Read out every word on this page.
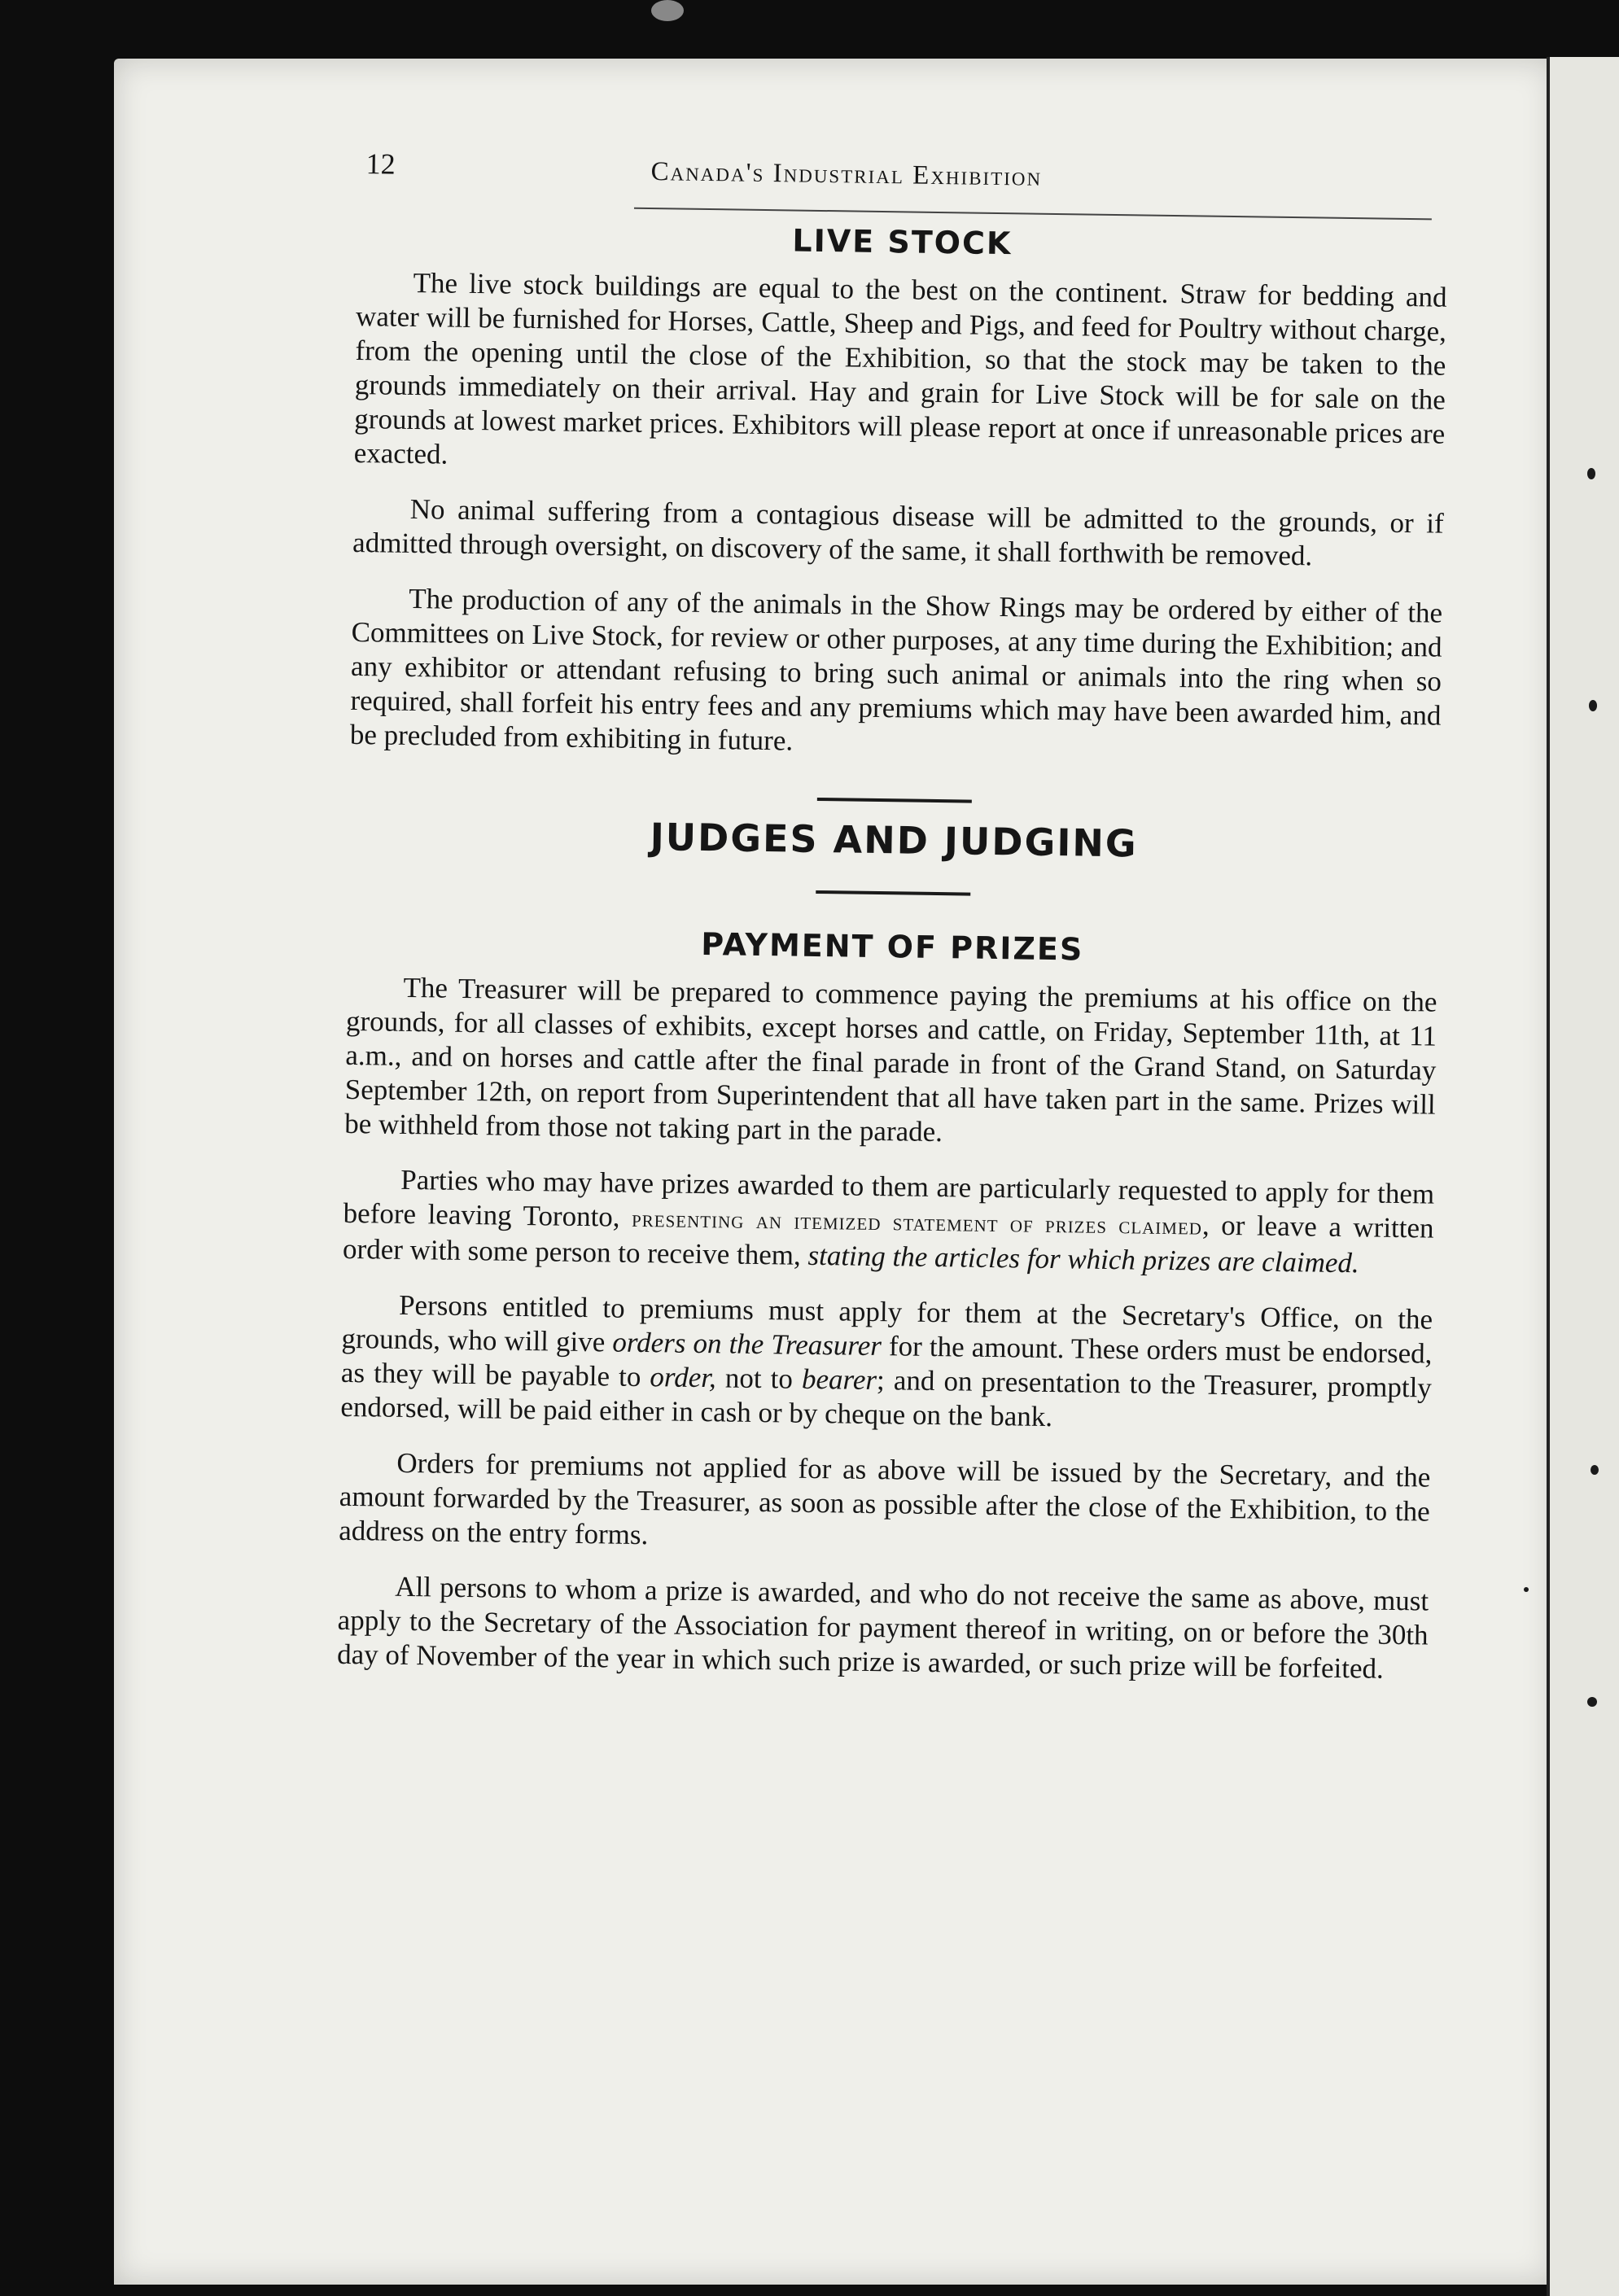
12	Canada's Industrial Exhibition
LIVE STOCK

The live stock buildings are equal to the best on the continent. Straw for bedding and water will be furnished for Horses, Cattle, Sheep and Pigs, and feed for Poultry without charge, from the opening until the close of the Exhibition, so that the stock may be taken to the grounds immediately on their arrival. Hay and grain for Live Stock will be for sale on the grounds at lowest market prices. Exhibitors will please report at once if unreasonable prices are exacted.

No animal suffering from a contagious disease will be admitted to the grounds, or if admitted through oversight, on discovery of the same, it shall forthwith be removed.

The production of any of the animals in the Show Rings may be ordered by either of the Committees on Live Stock, for review or other purposes, at any time during the Exhibition; and any exhibitor or attendant refusing to bring such animal or animals into the ring when so required, shall forfeit his entry fees and any premiums which may have been awarded him, and be precluded from exhibiting in future.

JUDGES AND JUDGING
PAYMENT OF PRIZES

The Treasurer will be prepared to commence paying the premiums at his office on the grounds, for all classes of exhibits, except horses and cattle, on Friday, September 11th, at 11 a.m., and on horses and cattle after the final parade in front of the Grand Stand, on Saturday September 12th, on report from Superintendent that all have taken part in the same. Prizes will be withheld from those not taking part in the parade.

Parties who may have prizes awarded to them are particularly requested to apply for them before leaving Toronto, presenting an itemized statement of prizes claimed, or leave a written order with some person to receive them, stating the articles for which prizes are claimed.

Persons entitled to premiums must apply for them at the Secretary's Office, on the grounds, who will give orders on the Treasurer for the amount. These orders must be endorsed, as they will be payable to order, not to bearer; and on presentation to the Treasurer, promptly endorsed, will be paid either in cash or by cheque on the bank.

Orders for premiums not applied for as above will be issued by the Secretary, and the amount forwarded by the Treasurer, as soon as possible after the close of the Exhibition, to the address on the entry forms.

All persons to whom a prize is awarded, and who do not receive the same as above, must apply to the Secretary of the Association for payment thereof in writing, on or before the 30th day of November of the year in which such prize is awarded, or such prize will be forfeited.
